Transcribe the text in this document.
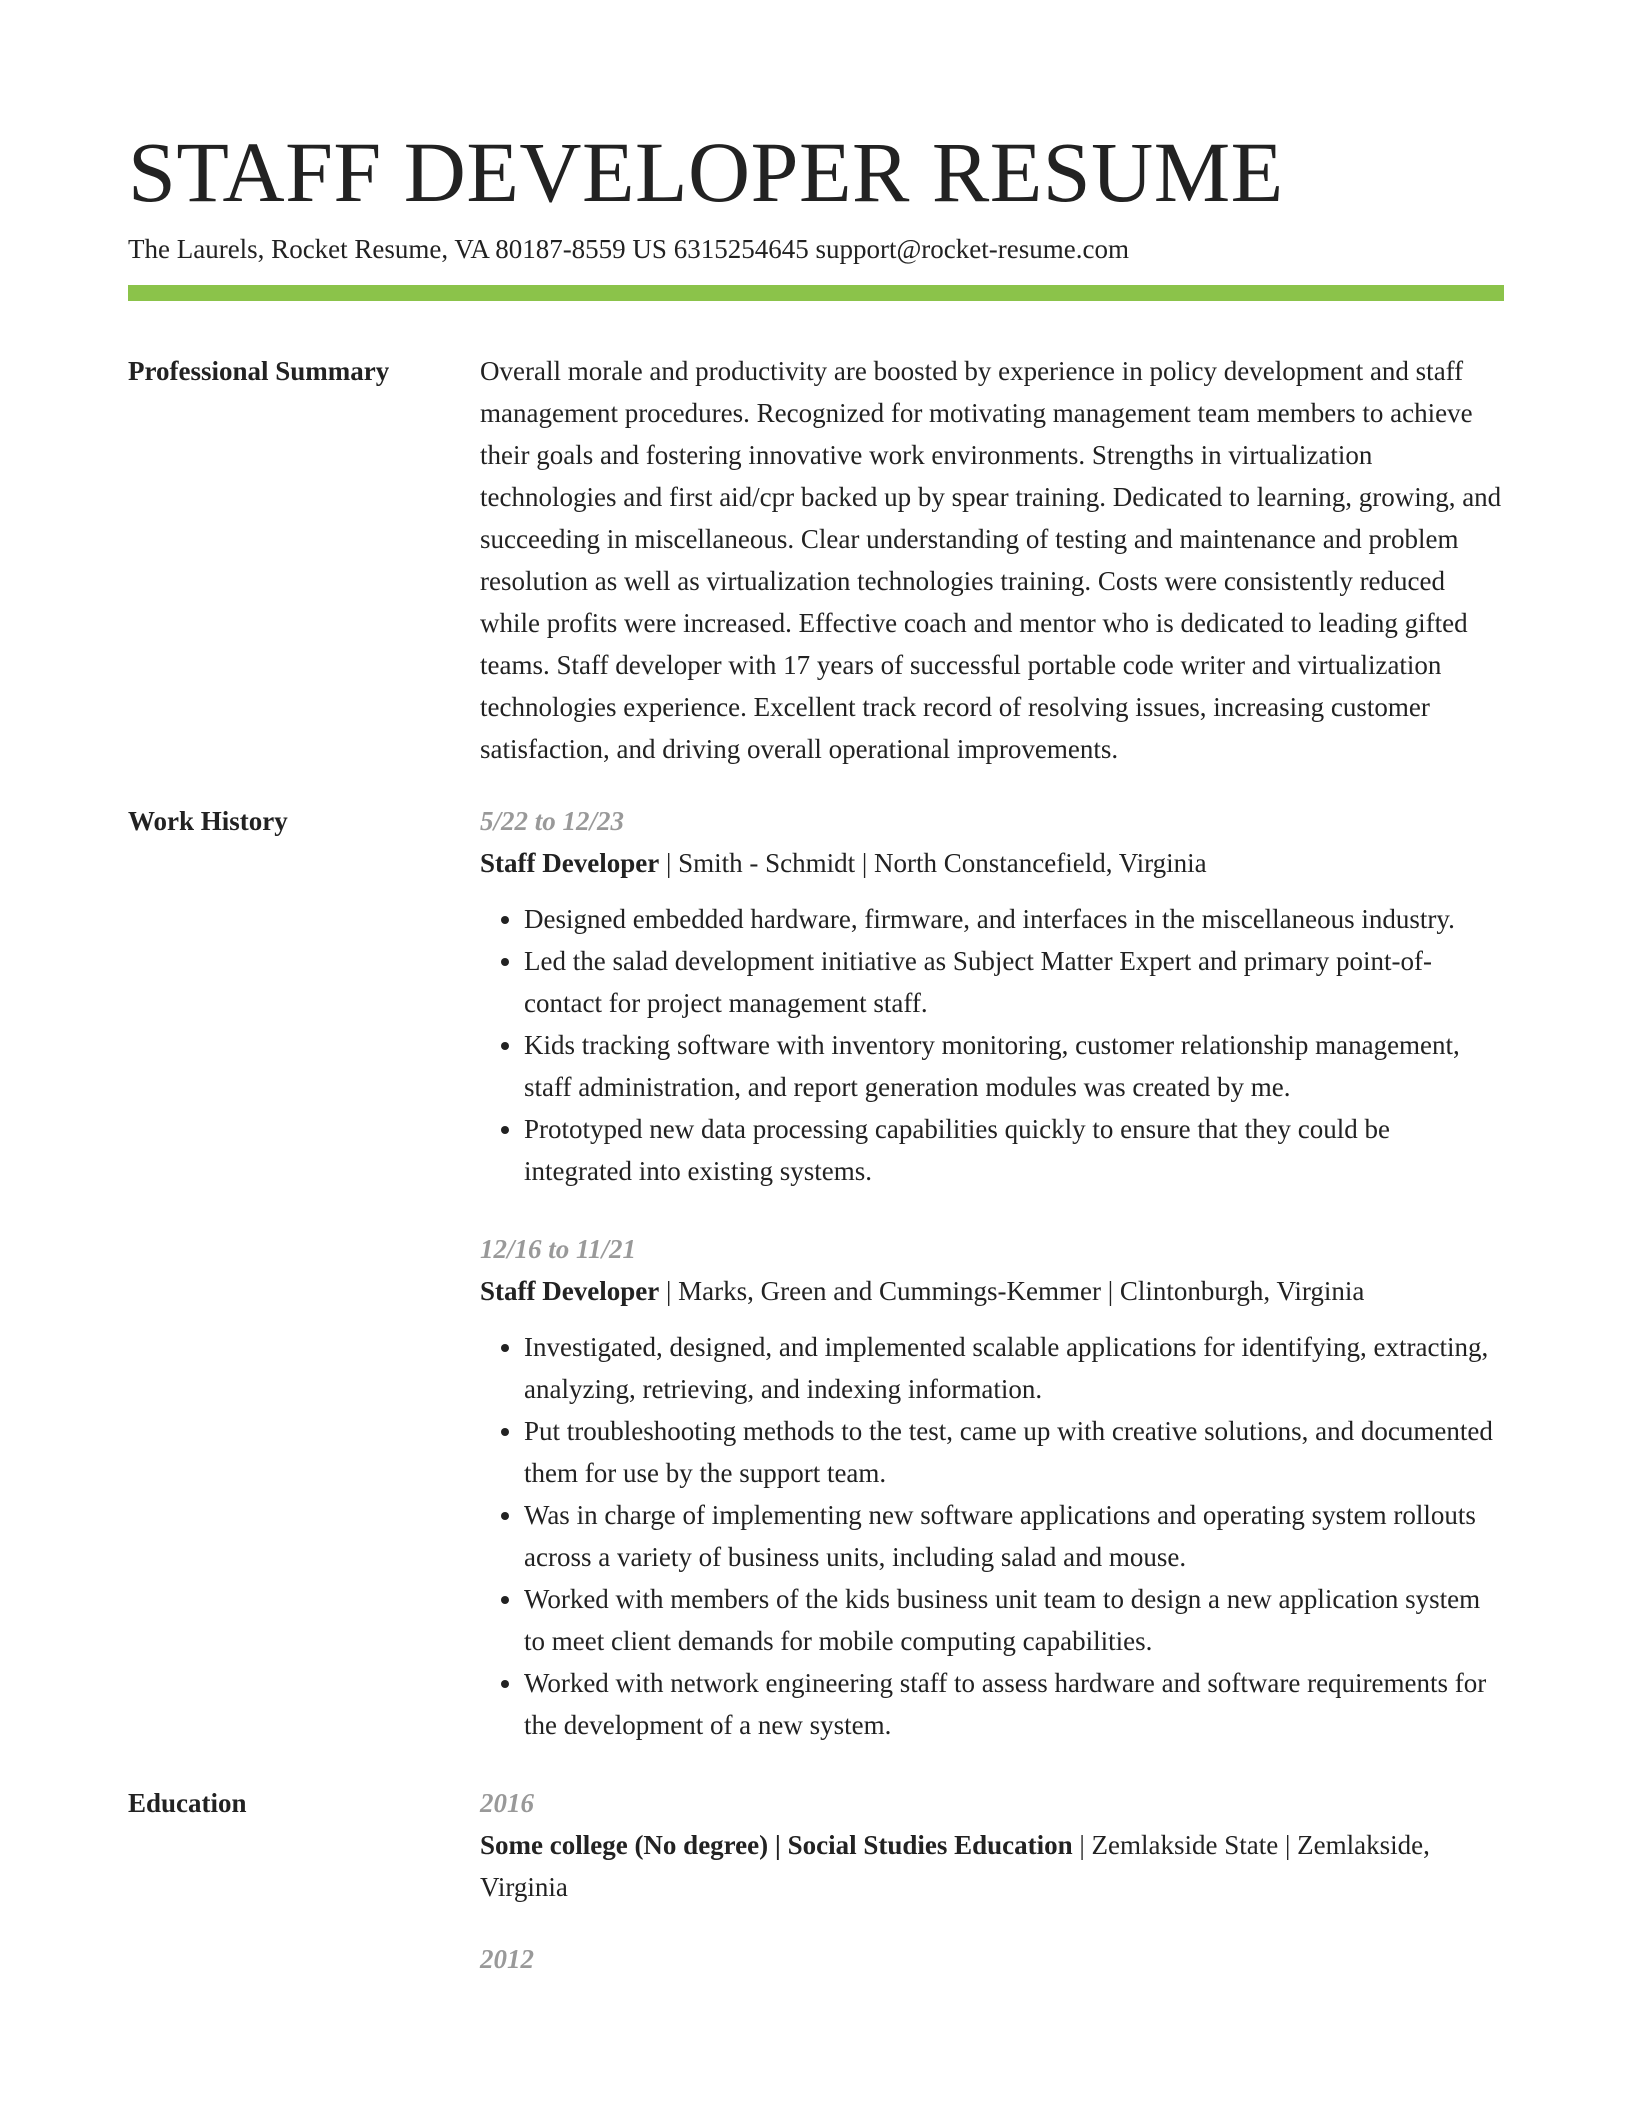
STAFF DEVELOPER RESUME
The Laurels, Rocket Resume, VA 80187-8559 US 6315254645 support@rocket-resume.com
Professional Summary	Overall morale and productivity are boosted by experience in policy development and staff management procedures. Recognized for motivating management team members to achieve their goals and fostering innovative work environments. Strengths in virtualization technologies and first aid/cpr backed up by spear training. Dedicated to learning, growing, and succeeding in miscellaneous. Clear understanding of testing and maintenance and problem resolution as well as virtualization technologies training. Costs were consistently reduced while profits were increased. Effective coach and mentor who is dedicated to leading gifted teams. Staff developer with 17 years of successful portable code writer and virtualization technologies experience. Excellent track record of resolving issues, increasing customer satisfaction, and driving overall operational improvements.

Work History	5/22 to 12/23
Staff Developer | Smith - Schmidt | North Constancefield, Virginia
• Designed embedded hardware, firmware, and interfaces in the miscellaneous industry.
• Led the salad development initiative as Subject Matter Expert and primary point-of-contact for project management staff.
• Kids tracking software with inventory monitoring, customer relationship management, staff administration, and report generation modules was created by me.
• Prototyped new data processing capabilities quickly to ensure that they could be integrated into existing systems.
12/16 to 11/21
Staff Developer | Marks, Green and Cummings-Kemmer | Clintonburgh, Virginia
• Investigated, designed, and implemented scalable applications for identifying, extracting, analyzing, retrieving, and indexing information.
• Put troubleshooting methods to the test, came up with creative solutions, and documented them for use by the support team.
• Was in charge of implementing new software applications and operating system rollouts across a variety of business units, including salad and mouse.
• Worked with members of the kids business unit team to design a new application system to meet client demands for mobile computing capabilities.
• Worked with network engineering staff to assess hardware and software requirements for the development of a new system.
Education	2016
Some college (No degree) | Social Studies Education | Zemlakside State | Zemlakside, Virginia
2012
